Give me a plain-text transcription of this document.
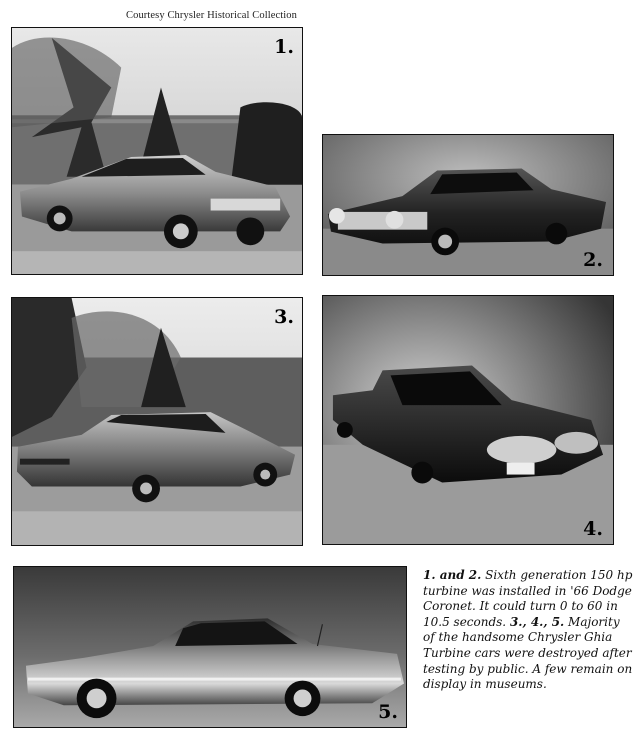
Courtesy Chrysler Historical Collection
1.
2.
3.
4.
5.
1. and 2. Sixth generation 150 hp turbine was installed in '66 Dodge Coronet. It could turn 0 to 60 in 10.5 seconds. 3., 4., 5. Majority of the handsome Chrysler Ghia Turbine cars were destroyed after testing by public. A few remain on display in museums.
